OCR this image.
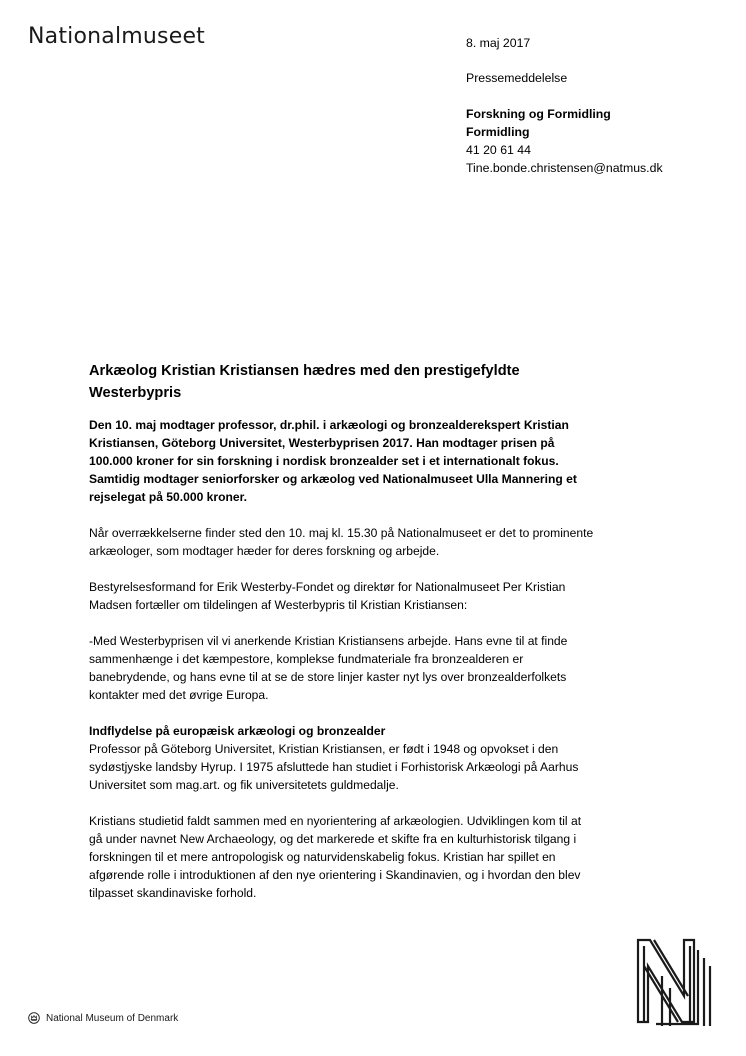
Nationalmuseet	8. maj 2017
Pressemeddelelse
Forskning og Formidling
Formidling
41 20 61 44
Tine.bonde.christensen@natmus.dk
Arkæolog Kristian Kristiansen hædres med den prestigefyldte Westerbypris

Den 10. maj modtager professor, dr.phil. i arkæologi og bronzealderekspert Kristian Kristiansen, Göteborg Universitet, Westerbyprisen 2017. Han modtager prisen på 100.000 kroner for sin forskning i nordisk bronzealder set i et internationalt fokus. Samtidig modtager seniorforsker og arkæolog ved Nationalmuseet Ulla Mannering et rejselegat på 50.000 kroner.

Når overrækkelserne finder sted den 10. maj kl. 15.30 på Nationalmuseet er det to prominente arkæologer, som modtager hæder for deres forskning og arbejde.

Bestyrelsesformand for Erik Westerby-Fondet og direktør for Nationalmuseet Per Kristian Madsen fortæller om tildelingen af Westerbypris til Kristian Kristiansen:

-Med Westerbyprisen vil vi anerkende Kristian Kristiansens arbejde. Hans evne til at finde sammenhænge i det kæmpestore, komplekse fundmateriale fra bronzealderen er banebrydende, og hans evne til at se de store linjer kaster nyt lys over bronzealderfolkets kontakter med det øvrige Europa.

Indflydelse på europæisk arkæologi og bronzealder

Professor på Göteborg Universitet, Kristian Kristiansen, er født i 1948 og opvokset i den sydøstjyske landsby Hyrup. I 1975 afsluttede han studiet i Forhistorisk Arkæologi på Aarhus Universitet som mag.art. og fik universitetets guldmedalje.

Kristians studietid faldt sammen med en nyorientering af arkæologien. Udviklingen kom til at gå under navnet New Archaeology, og det markerede et skifte fra en kulturhistorisk tilgang i forskningen til et mere antropologisk og naturvidenskabelig fokus. Kristian har spillet en afgørende rolle i introduktionen af den nye orientering i Skandinavien, og i hvordan den blev tilpasset skandinaviske forhold.

National Museum of Denmark
